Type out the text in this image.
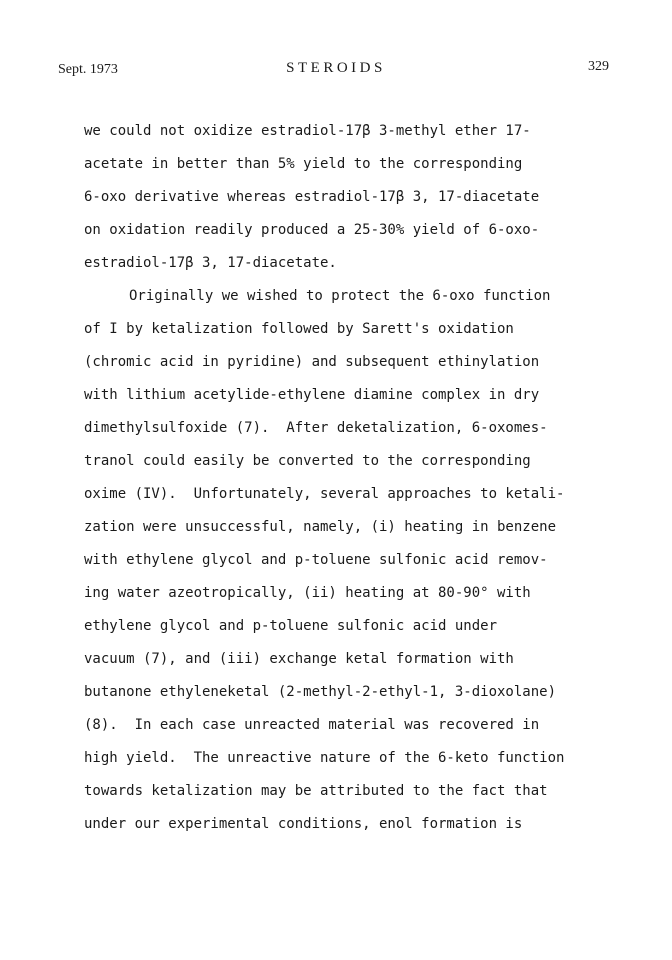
Sept. 1973	STEROIDS	329
we could not oxidize estradiol-17β 3-methyl ether 17-
acetate in better than 5% yield to the corresponding
6-oxo derivative whereas estradiol-17β 3, 17-diacetate
on oxidation readily produced a 25-30% yield of 6-oxo-
estradiol-17β 3, 17-diacetate.
Originally we wished to protect the 6-oxo function
of I by ketalization followed by Sarett's oxidation
(chromic acid in pyridine) and subsequent ethinylation
with lithium acetylide-ethylene diamine complex in dry
dimethylsulfoxide (7).  After deketalization, 6-oxomes-
tranol could easily be converted to the corresponding
oxime (IV).  Unfortunately, several approaches to ketali-
zation were unsuccessful, namely, (i) heating in benzene
with ethylene glycol and p-toluene sulfonic acid remov-
ing water azeotropically, (ii) heating at 80-90° with
ethylene glycol and p-toluene sulfonic acid under
vacuum (7), and (iii) exchange ketal formation with
butanone ethyleneketal (2-methyl-2-ethyl-1, 3-dioxolane)
(8).  In each case unreacted material was recovered in
high yield.  The unreactive nature of the 6-keto function
towards ketalization may be attributed to the fact that
under our experimental conditions, enol formation is
